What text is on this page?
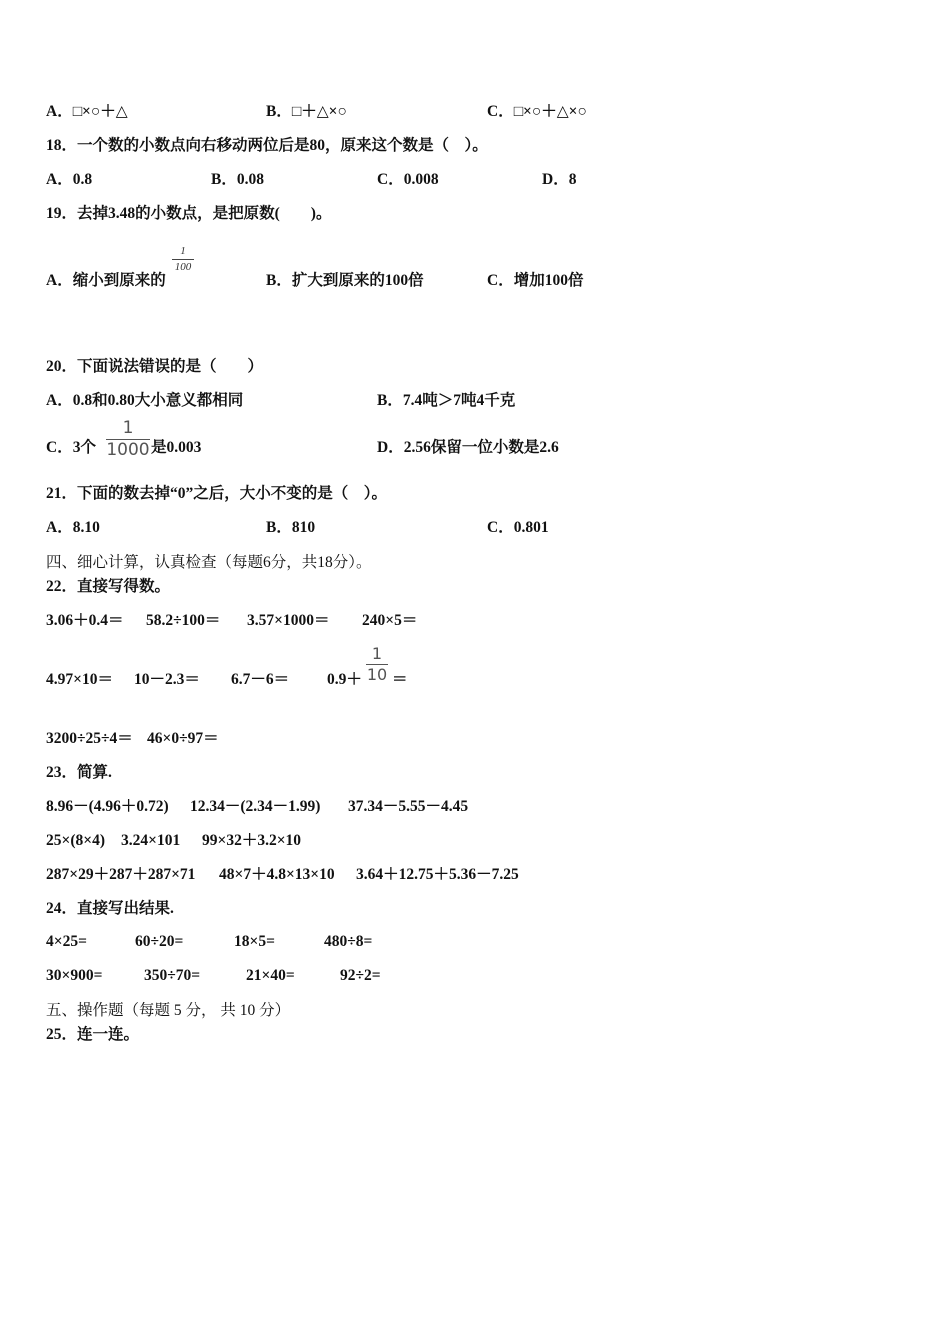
A．□×○＋△	B．□＋△×○	C．□×○＋△×○
18．一个数的小数点向右移动两位后是80，原来这个数是（　）。
A．0.8	B．0.08	C．0.008	D．8
19．去掉3.48的小数点，是把原数(　　)。
A．缩小到原来的
1
100
B．扩大到原来的100倍	C．增加100倍
20．下面说法错误的是（　　）
A．0.8和0.80大小意义都相同	B．7.4吨＞7吨4千克
C．3个
1
1000 是0.003	D．2.56保留一位小数是2.6
21．下面的数去掉“0”之后，大小不变的是（　）。
A．8.10	B．810	C．0.801
四、细心计算，认真检查（每题6分，共18分）。
22．直接写得数。
3.06＋0.4＝ 58.2÷100＝ 3.57×1000＝ 240×5＝
4.97×10＝ 10－2.3＝ 6.7－6＝ 0.9＋ ＝
1
10
3200÷25÷4＝ 46×0÷97＝
23．简算.
8.96－(4.96＋0.72) 12.34－(2.34－1.99) 37.34－5.55－4.45
25×(8×4) 3.24×101 99×32＋3.2×10
287×29＋287＋287×71 48×7＋4.8×13×10 3.64＋12.75＋5.36－7.25
24．直接写出结果.
4×25=	60÷20=	18×5=	480÷8=
30×900=	350÷70=	21×40=	92÷2=
五、操作题（每题 5 分， 共 10 分）
25．连一连。
